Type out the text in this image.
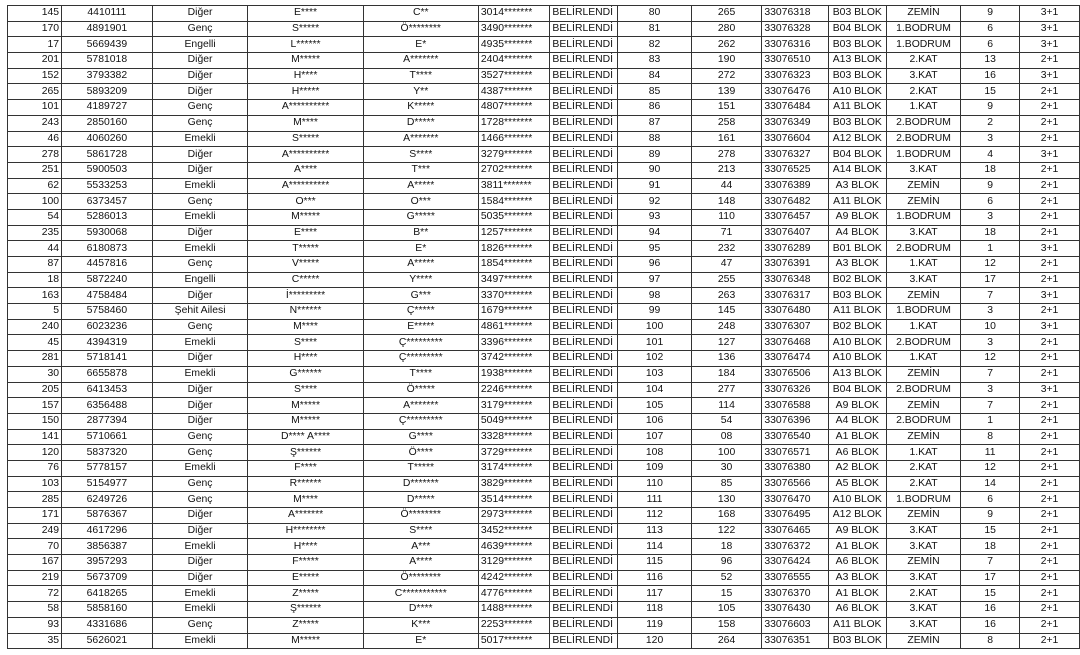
145	4410111	Diğer	E****	C**	3014*******	BELİRLENDİ	80	265	33076318	B03 BLOK	ZEMİN	9	3+1
170	4891901	Genç	S*****	Ö********	3490*******	BELİRLENDİ	81	280	33076328	B04 BLOK	1.BODRUM	6	3+1
17	5669439	Engelli	L******	E*	4935*******	BELİRLENDİ	82	262	33076316	B03 BLOK	1.BODRUM	6	3+1
201	5781018	Diğer	M*****	A*******	2404*******	BELİRLENDİ	83	190	33076510	A13 BLOK	2.KAT	13	2+1
152	3793382	Diğer	H****	T****	3527*******	BELİRLENDİ	84	272	33076323	B03 BLOK	3.KAT	16	3+1
265	5893209	Diğer	H*****	Y**	4387*******	BELİRLENDİ	85	139	33076476	A10 BLOK	2.KAT	15	2+1
101	4189727	Genç	A**********	K*****	4807*******	BELİRLENDİ	86	151	33076484	A11 BLOK	1.KAT	9	2+1
243	2850160	Genç	M****	D*****	1728*******	BELİRLENDİ	87	258	33076349	B03 BLOK	2.BODRUM	2	2+1
46	4060260	Emekli	S*****	A*******	1466*******	BELİRLENDİ	88	161	33076604	A12 BLOK	2.BODRUM	3	2+1
278	5861728	Diğer	A**********	S****	3279*******	BELİRLENDİ	89	278	33076327	B04 BLOK	1.BODRUM	4	3+1
251	5900503	Diğer	A****	T***	2702*******	BELİRLENDİ	90	213	33076525	A14 BLOK	3.KAT	18	2+1
62	5533253	Emekli	A**********	A*****	3811*******	BELİRLENDİ	91	44	33076389	A3 BLOK	ZEMİN	9	2+1
100	6373457	Genç	O***	O***	1584*******	BELİRLENDİ	92	148	33076482	A11 BLOK	ZEMİN	6	2+1
54	5286013	Emekli	M*****	G*****	5035*******	BELİRLENDİ	93	110	33076457	A9 BLOK	1.BODRUM	3	2+1
235	5930068	Diğer	E****	B**	1257*******	BELİRLENDİ	94	71	33076407	A4 BLOK	3.KAT	18	2+1
44	6180873	Emekli	T*****	E*	1826*******	BELİRLENDİ	95	232	33076289	B01 BLOK	2.BODRUM	1	3+1
87	4457816	Genç	V*****	A*****	1854*******	BELİRLENDİ	96	47	33076391	A3 BLOK	1.KAT	12	2+1
18	5872240	Engelli	C*****	Y****	3497*******	BELİRLENDİ	97	255	33076348	B02 BLOK	3.KAT	17	2+1
163	4758484	Diğer	İ*********	G***	3370*******	BELİRLENDİ	98	263	33076317	B03 BLOK	ZEMİN	7	3+1
5	5758460	Şehit Ailesi	N******	Ç*****	1679*******	BELİRLENDİ	99	145	33076480	A11 BLOK	1.BODRUM	3	2+1
240	6023236	Genç	M****	E*****	4861*******	BELİRLENDİ	100	248	33076307	B02 BLOK	1.KAT	10	3+1
45	4394319	Emekli	S****	Ç*********	3396*******	BELİRLENDİ	101	127	33076468	A10 BLOK	2.BODRUM	3	2+1
281	5718141	Diğer	H****	Ç*********	3742*******	BELİRLENDİ	102	136	33076474	A10 BLOK	1.KAT	12	2+1
30	6655878	Emekli	G******	T****	1938*******	BELİRLENDİ	103	184	33076506	A13 BLOK	ZEMİN	7	2+1
205	6413453	Diğer	S****	Ö*****	2246*******	BELİRLENDİ	104	277	33076326	B04 BLOK	2.BODRUM	3	3+1
157	6356488	Diğer	M*****	A*******	3179*******	BELİRLENDİ	105	114	33076588	A9 BLOK	ZEMİN	7	2+1
150	2877394	Diğer	M*****	Ç*********	5049*******	BELİRLENDİ	106	54	33076396	A4 BLOK	2.BODRUM	1	2+1
141	5710661	Genç	D**** A****	G****	3328*******	BELİRLENDİ	107	08	33076540	A1 BLOK	ZEMİN	8	2+1
120	5837320	Genç	Ş******	Ö****	3729*******	BELİRLENDİ	108	100	33076571	A6 BLOK	1.KAT	11	2+1
76	5778157	Emekli	F****	T*****	3174*******	BELİRLENDİ	109	30	33076380	A2 BLOK	2.KAT	12	2+1
103	5154977	Genç	R******	D*******	3829*******	BELİRLENDİ	110	85	33076566	A5 BLOK	2.KAT	14	2+1
285	6249726	Genç	M****	D*****	3514*******	BELİRLENDİ	111	130	33076470	A10 BLOK	1.BODRUM	6	2+1
171	5876367	Diğer	A*******	Ö********	2973*******	BELİRLENDİ	112	168	33076495	A12 BLOK	ZEMİN	9	2+1
249	4617296	Diğer	H********	S****	3452*******	BELİRLENDİ	113	122	33076465	A9 BLOK	3.KAT	15	2+1
70	3856387	Emekli	H****	A***	4639*******	BELİRLENDİ	114	18	33076372	A1 BLOK	3.KAT	18	2+1
167	3957293	Diğer	F*****	A****	3129*******	BELİRLENDİ	115	96	33076424	A6 BLOK	ZEMİN	7	2+1
219	5673709	Diğer	E*****	Ö********	4242*******	BELİRLENDİ	116	52	33076555	A3 BLOK	3.KAT	17	2+1
72	6418265	Emekli	Z*****	C***********	4776*******	BELİRLENDİ	117	15	33076370	A1 BLOK	2.KAT	15	2+1
58	5858160	Emekli	Ş******	D****	1488*******	BELİRLENDİ	118	105	33076430	A6 BLOK	3.KAT	16	2+1
93	4331686	Genç	Z*****	K***	2253*******	BELİRLENDİ	119	158	33076603	A11 BLOK	3.KAT	16	2+1
35	5626021	Emekli	M*****	E*	5017*******	BELİRLENDİ	120	264	33076351	B03 BLOK	ZEMİN	8	2+1
